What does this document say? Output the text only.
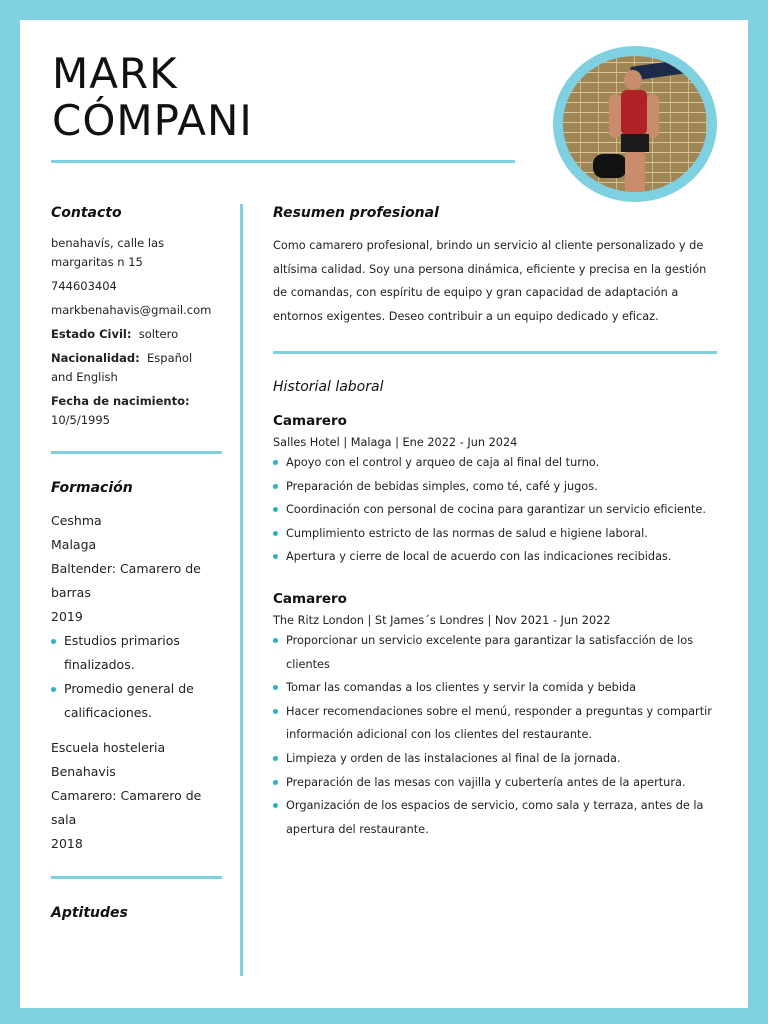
MARK
CÓMPANI
Contacto
benahavís, calle las margaritas n 15
744603404
markbenahavis@gmail.com
Estado Civil: soltero
Nacionalidad: Español and English
Fecha de nacimiento:
10/5/1995
Formación
Ceshma
Malaga
Baltender: Camarero de barras
2019
Estudios primarios finalizados.
Promedio general de calificaciones.
Escuela hosteleria
Benahavis
Camarero: Camarero de sala
2018
Aptitudes
Resumen profesional
Como camarero profesional, brindo un servicio al cliente personalizado y de altísima calidad. Soy una persona dinámica, eficiente y precisa en la gestión de comandas, con espíritu de equipo y gran capacidad de adaptación a entornos exigentes. Deseo contribuir a un equipo dedicado y eficaz.
Historial laboral
Camarero
Salles Hotel | Malaga | Ene 2022 - Jun 2024
Apoyo con el control y arqueo de caja al final del turno.
Preparación de bebidas simples, como té, café y jugos.
Coordinación con personal de cocina para garantizar un servicio eficiente.
Cumplimiento estricto de las normas de salud e higiene laboral.
Apertura y cierre de local de acuerdo con las indicaciones recibidas.
Camarero
The Ritz London | St James´s Londres | Nov 2021 - Jun 2022
Proporcionar un servicio excelente para garantizar la satisfacción de los clientes
Tomar las comandas a los clientes y servir la comida y bebida
Hacer recomendaciones sobre el menú, responder a preguntas y compartir información adicional con los clientes del restaurante.
Limpieza y orden de las instalaciones al final de la jornada.
Preparación de las mesas con vajilla y cubertería antes de la apertura.
Organización de los espacios de servicio, como sala y terraza, antes de la apertura del restaurante.
